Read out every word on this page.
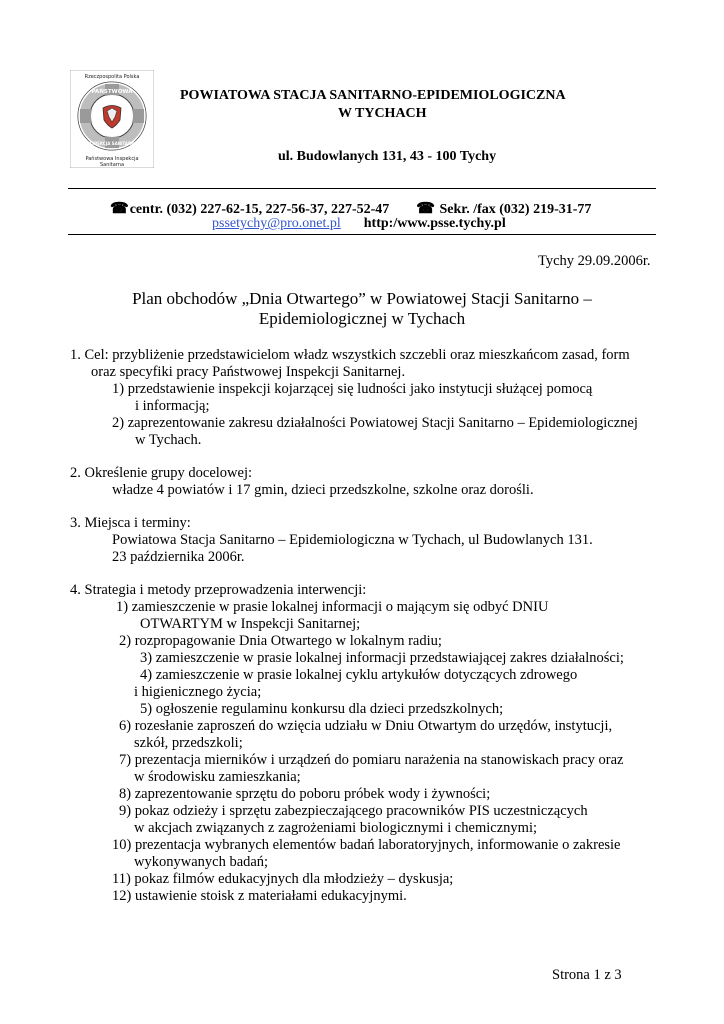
Rzeczpospolita Polska
PAŃSTWOWA
INSPEKCJA SANITARNA
Państwowa Inspekcja
Sanitarna
POWIATOWA STACJA SANITARNO-EPIDEMIOLOGICZNA
W TYCHACH
ul. Budowlanych 131, 43 - 100 Tychy
☎centr. (032) 227-62-15, 227-56-37, 227-52-47 ☎ Sekr. /fax (032) 219-31-77
pssetychy@pro.onet.pl http:/www.psse.tychy.pl
Tychy 29.09.2006r.
Plan obchodów „Dnia Otwartego” w Powiatowej Stacji Sanitarno –
Epidemiologicznej w Tychach
1. Cel: przybliżenie przedstawicielom władz wszystkich szczebli oraz mieszkańcom zasad, form
oraz specyfiki pracy Państwowej Inspekcji Sanitarnej.
1) przedstawienie inspekcji kojarzącej się ludności jako instytucji służącej pomocą
i informacją;
2) zaprezentowanie zakresu działalności Powiatowej Stacji Sanitarno – Epidemiologicznej
w Tychach.
2. Określenie grupy docelowej:
władze 4 powiatów i 17 gmin, dzieci przedszkolne, szkolne oraz dorośli.
3. Miejsca i terminy:
Powiatowa Stacja Sanitarno – Epidemiologiczna w Tychach, ul Budowlanych 131.
23 października 2006r.
4. Strategia i metody przeprowadzenia interwencji:
1) zamieszczenie w prasie lokalnej informacji o mającym się odbyć DNIU
OTWARTYM w Inspekcji Sanitarnej;
2) rozpropagowanie Dnia Otwartego w lokalnym radiu;
3) zamieszczenie w prasie lokalnej informacji przedstawiającej zakres działalności;
4) zamieszczenie w prasie lokalnej cyklu artykułów dotyczących zdrowego
i higienicznego życia;
5) ogłoszenie regulaminu konkursu dla dzieci przedszkolnych;
6) rozesłanie zaproszeń do wzięcia udziału w Dniu Otwartym do urzędów, instytucji,
szkół, przedszkoli;
7) prezentacja mierników i urządzeń do pomiaru narażenia na stanowiskach pracy oraz
w środowisku zamieszkania;
8) zaprezentowanie sprzętu do poboru próbek wody i żywności;
9) pokaz odzieży i sprzętu zabezpieczającego pracowników PIS uczestniczących
w akcjach związanych z zagrożeniami biologicznymi i chemicznymi;
10) prezentacja wybranych elementów badań laboratoryjnych, informowanie o zakresie
wykonywanych badań;
11) pokaz filmów edukacyjnych dla młodzieży – dyskusja;
12) ustawienie stoisk z materiałami edukacyjnymi.
Strona 1 z 3
